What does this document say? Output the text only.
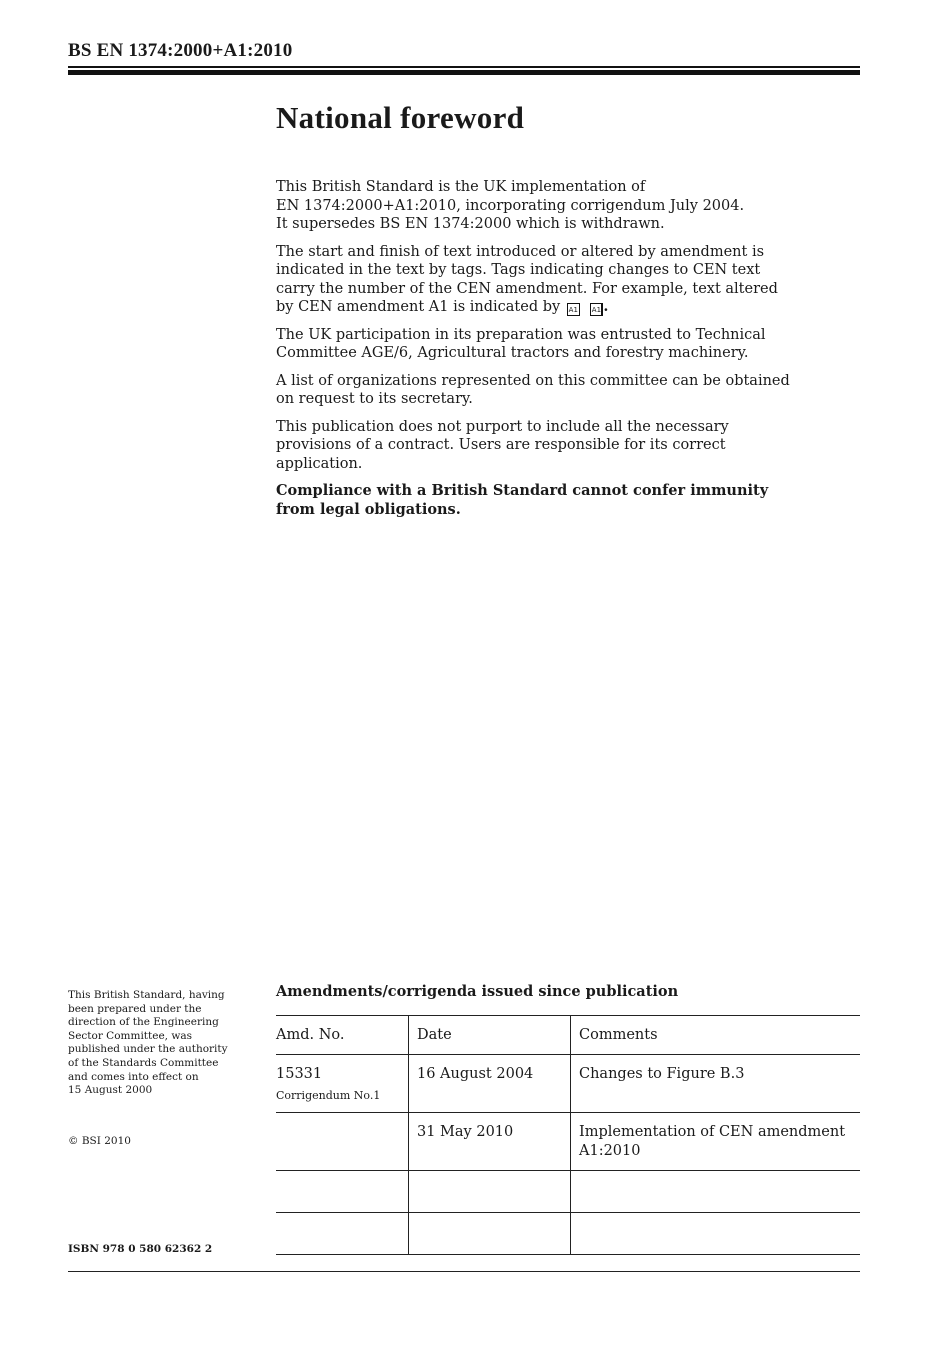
BS EN 1374:2000+A1:2010
National foreword

This British Standard is the UK implementation of
EN 1374:2000+A1:2010, incorporating corrigendum July 2004.
It supersedes BS EN 1374:2000 which is withdrawn.

The start and finish of text introduced or altered by amendment is
indicated in the text by tags. Tags indicating changes to CEN text
carry the number of the CEN amendment. For example, text altered
by CEN amendment A1 is indicated by A1 A1 .

The UK participation in its preparation was entrusted to Technical
Committee AGE/6, Agricultural tractors and forestry machinery.

A list of organizations represented on this committee can be obtained
on request to its secretary.

This publication does not purport to include all the necessary
provisions of a contract. Users are responsible for its correct
application.

Compliance with a British Standard cannot confer immunity
from legal obligations.

This British Standard, having
been prepared under the
direction of the Engineering
Sector Committee, was
published under the authority
of the Standards Committee
and comes into effect on
15 August 2000
© BSI 2010
ISBN 978 0 580 62362 2
Amendments/corrigenda issued since publication
Amd. No.	Date	Comments

15331
Corrigendum No.1	16 August 2004	Changes to Figure B.3

	31 May 2010	Implementation of CEN amendment
A1:2010
